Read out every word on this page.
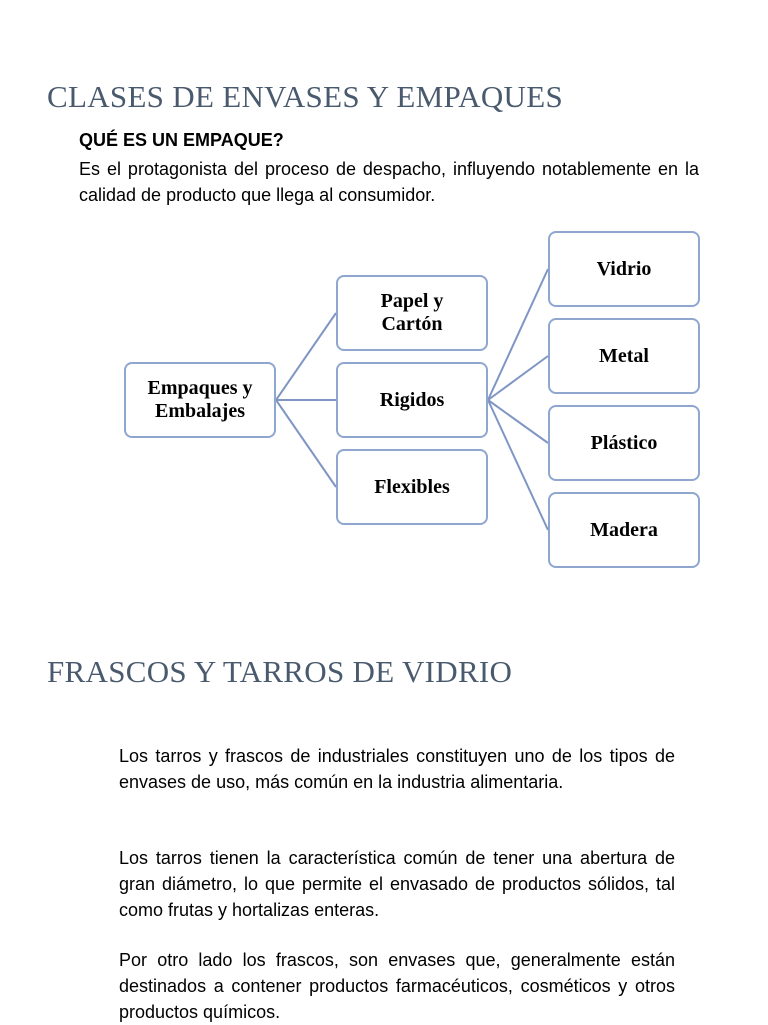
CLASES DE ENVASES Y EMPAQUES
QUÉ ES UN EMPAQUE?

Es el protagonista del proceso de despacho, influyendo notablemente en la calidad de producto que llega al consumidor.

Empaques y
Embalajes
Papel y
Cartón
Rigidos
Flexibles
Vidrio
Metal
Plástico
Madera
FRASCOS Y TARROS DE VIDRIO

Los tarros y frascos de industriales constituyen uno de los tipos de envases de uso, más común en la industria alimentaria.

Los tarros tienen la característica común de tener una abertura de gran diámetro, lo que permite el envasado de productos sólidos, tal como frutas y hortalizas enteras.

Por otro lado los frascos, son envases que, generalmente están destinados a contener productos farmacéuticos, cosméticos y otros productos químicos.
